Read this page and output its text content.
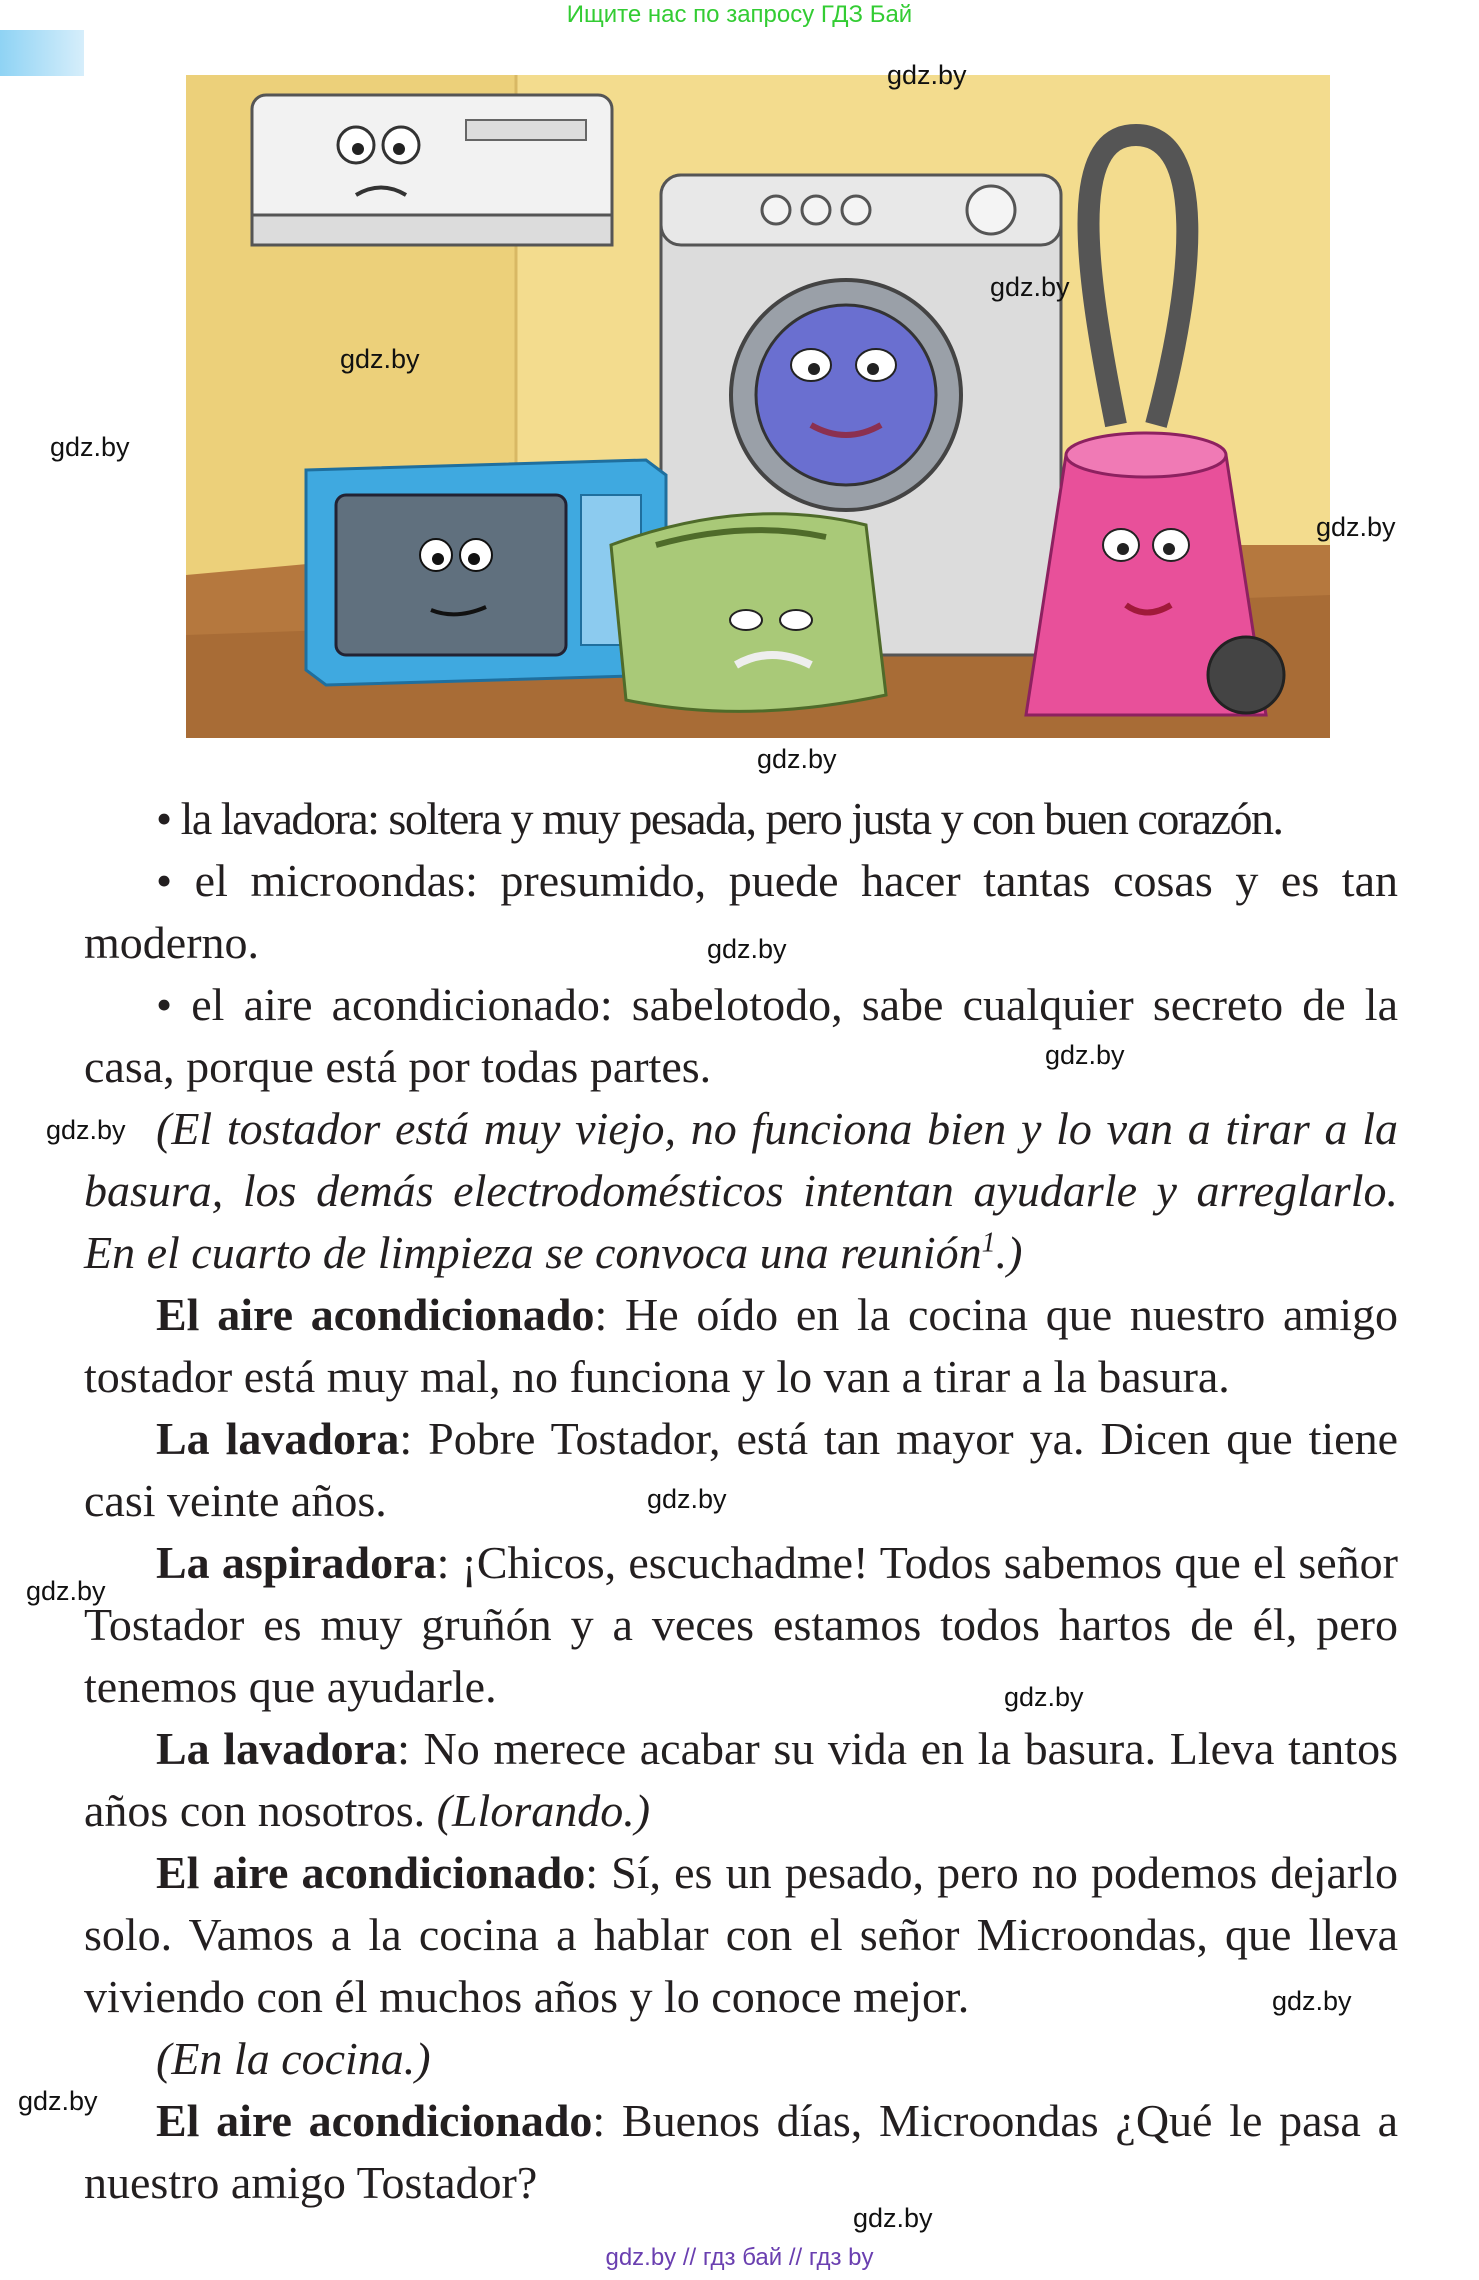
Ищите нас по запросу ГДЗ Бай
gdz.by
gdz.by
gdz.by
gdz.by
gdz.by
gdz.by
gdz.by
gdz.by
gdz.by
gdz.by
gdz.by
gdz.by
gdz.by
gdz.by
gdz.by

• la lavadora: soltera y muy pesada, pero justa y con buen corazón.

• el microondas: presumido, puede hacer tantas cosas y es tan moderno.

• el aire acondicionado: sabelotodo, sabe cualquier secreto de la casa, porque está por todas partes.

(El tostador está muy viejo, no funciona bien y lo van a tirar a la basura, los demás electrodomésticos intentan ayudarle y arreglarlo. En el cuarto de limpieza se convoca una reunión$^1$.)

El aire acondicionado: He oído en la cocina que nuestro amigo tostador está muy mal, no funciona y lo van a tirar a la basura.

La lavadora: Pobre Tostador, está tan mayor ya. Dicen que tiene casi veinte años.

La aspiradora: ¡Chicos, escuchadme! Todos sabemos que el señor Tostador es muy gruñón y a veces estamos todos hartos de él, pero tenemos que ayudarle.

La lavadora: No merece acabar su vida en la basura. Lleva tantos años con nosotros. (Llorando.)

El aire acondicionado: Sí, es un pesado, pero no podemos dejarlo solo. Vamos a la cocina a hablar con el señor Microondas, que lleva viviendo con él muchos años y lo conoce mejor.

(En la cocina.)

El aire acondicionado: Buenos días, Microondas ¿Qué le pasa a nuestro amigo Tostador?

gdz.by // гдз бай // гдз by
